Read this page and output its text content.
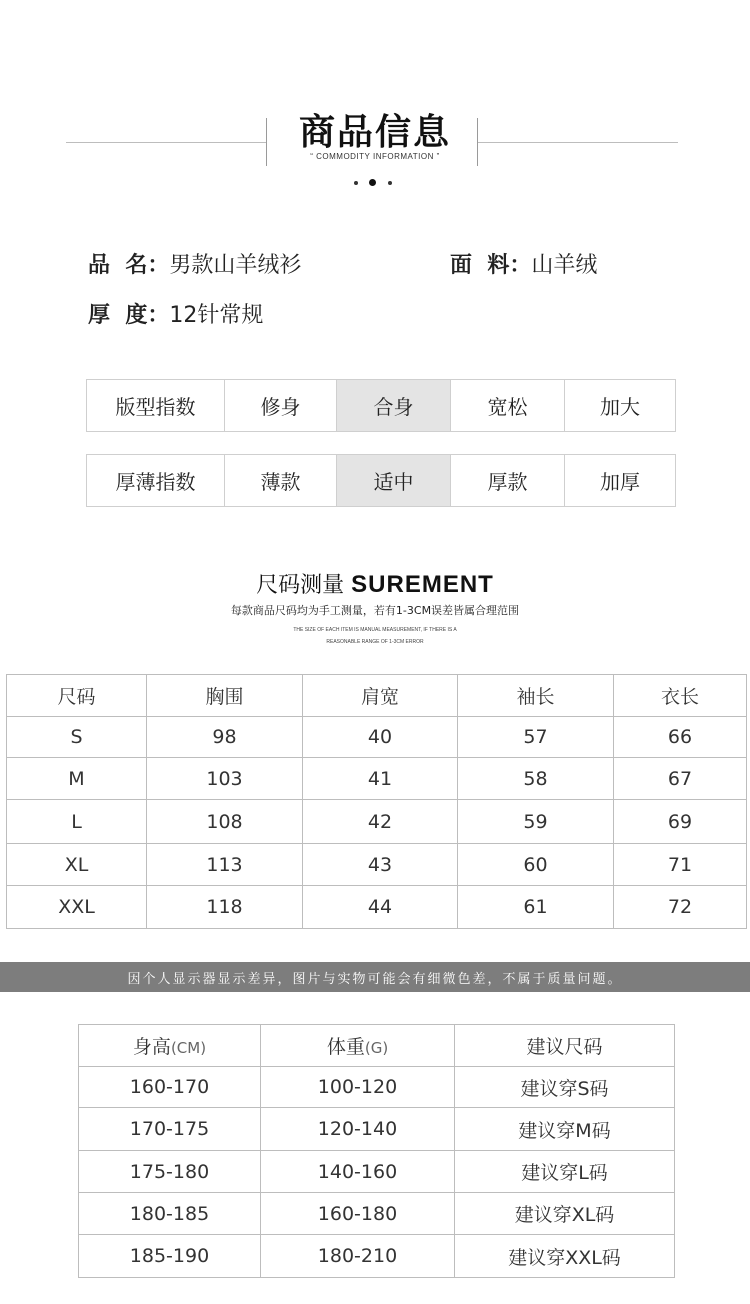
商品信息
“ COMMODITY INFORMATION ”
品  名：男款山羊绒衫	面  料：山羊绒
厚  度：12针常规
版型指数	修身	合身	宽松	加大
厚薄指数	薄款	适中	厚款	加厚
尺码测量 SUREMENT
每款商品尺码均为手工测量，若有1-3CM误差皆属合理范围
THE SIZE OF EACH ITEM IS MANUAL MEASUREMENT, IF THERE IS A
REASONABLE RANGE OF 1-3CM ERROR
尺码	胸围	肩宽	袖长	衣长
S	98	40	57	66
M	103	41	58	67
L	108	42	59	69
XL	113	43	60	71
XXL	118	44	61	72
因个人显示器显示差异，图片与实物可能会有细微色差，不属于质量问题。
身高(CM)	体重(G)	建议尺码
160-170	100-120	建议穿S码
170-175	120-140	建议穿M码
175-180	140-160	建议穿L码
180-185	160-180	建议穿XL码
185-190	180-210	建议穿XXL码
